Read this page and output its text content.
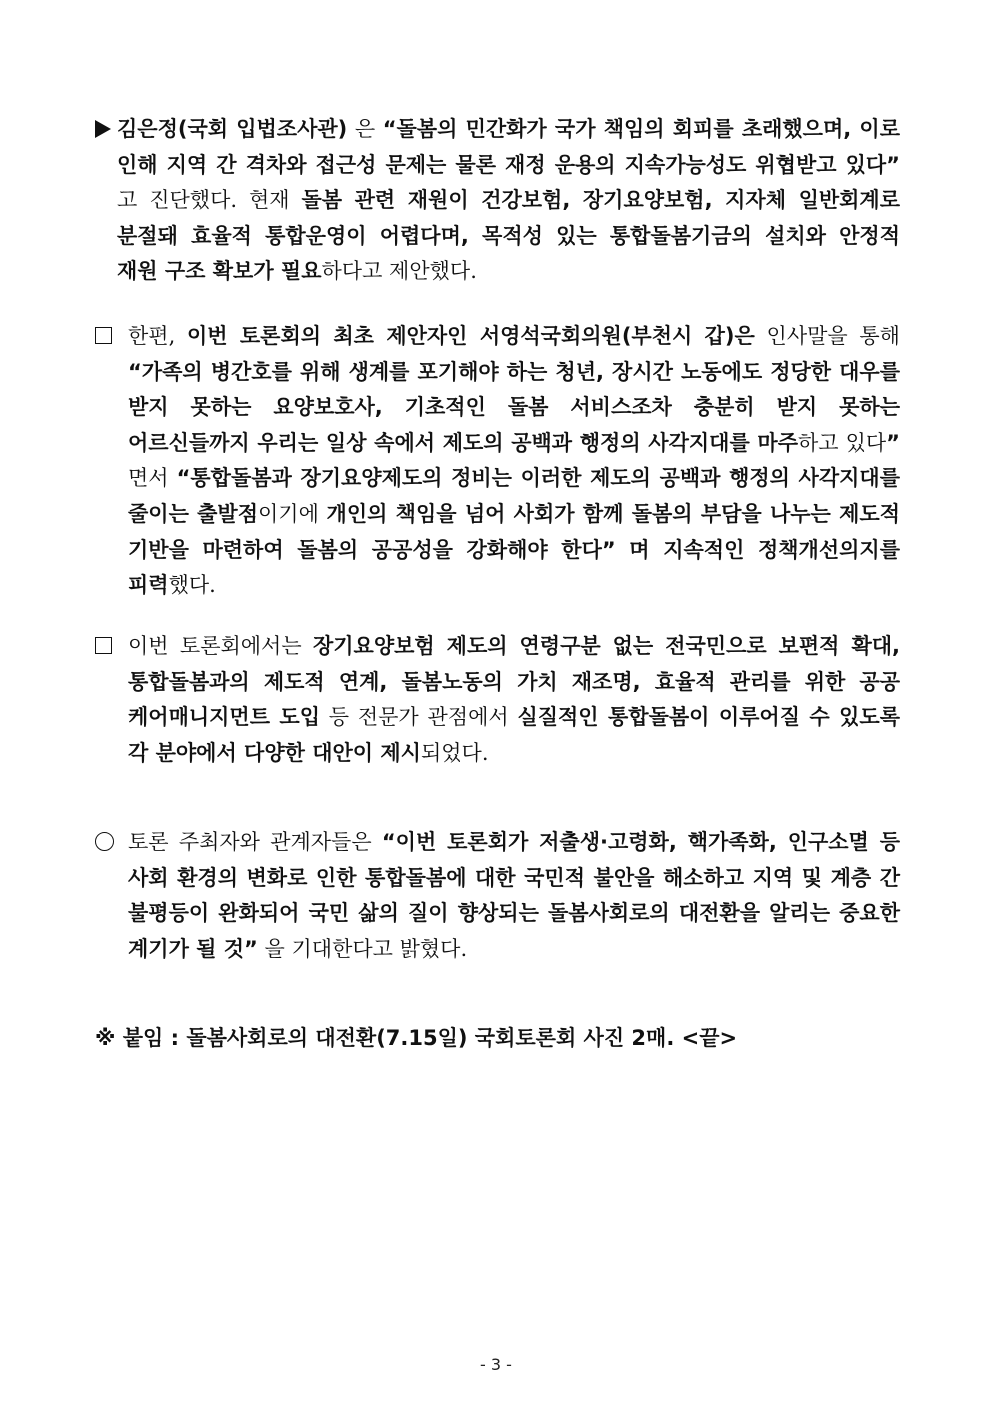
김은정(국회 입법조사관) 은 “돌봄의 민간화가 국가 책임의 회피를 초래했으며, 이로 인해 지역 간 격차와 접근성 문제는 물론 재정 운용의 지속가능성도 위협받고 있다” 고 진단했다. 현재 돌봄 관련 재원이 건강보험, 장기요양보험, 지자체 일반회계로 분절돼 효율적 통합운영이 어렵다며, 목적성 있는 통합돌봄기금의 설치와 안정적 재원 구조 확보가 필요하다고 제안했다.
한편, 이번 토론회의 최초 제안자인 서영석국회의원(부천시 갑)은 인사말을 통해 “가족의 병간호를 위해 생계를 포기해야 하는 청년, 장시간 노동에도 정당한 대우를 받지 못하는 요양보호사, 기초적인 돌봄 서비스조차 충분히 받지 못하는 어르신들까지 우리는 일상 속에서 제도의 공백과 행정의 사각지대를 마주하고 있다” 면서 “통합돌봄과 장기요양제도의 정비는 이러한 제도의 공백과 행정의 사각지대를 줄이는 출발점이기에 개인의 책임을 넘어 사회가 함께 돌봄의 부담을 나누는 제도적 기반을 마련하여 돌봄의 공공성을 강화해야 한다” 며 지속적인 정책개선의지를 피력했다.
이번 토론회에서는 장기요양보험 제도의 연령구분 없는 전국민으로 보편적 확대, 통합돌봄과의 제도적 연계, 돌봄노동의 가치 재조명, 효율적 관리를 위한 공공 케어매니지먼트 도입 등 전문가 관점에서 실질적인 통합돌봄이 이루어질 수 있도록 각 분야에서 다양한 대안이 제시되었다.
토론 주최자와 관계자들은 “이번 토론회가 저출생·고령화, 핵가족화, 인구소멸 등 사회 환경의 변화로 인한 통합돌봄에 대한 국민적 불안을 해소하고 지역 및 계층 간 불평등이 완화되어 국민 삶의 질이 향상되는 돌봄사회로의 대전환을 알리는 중요한 계기가 될 것” 을 기대한다고 밝혔다.
※ 붙임 : 돌봄사회로의 대전환(7.15일) 국회토론회 사진 2매. <끝>
- 3 -
